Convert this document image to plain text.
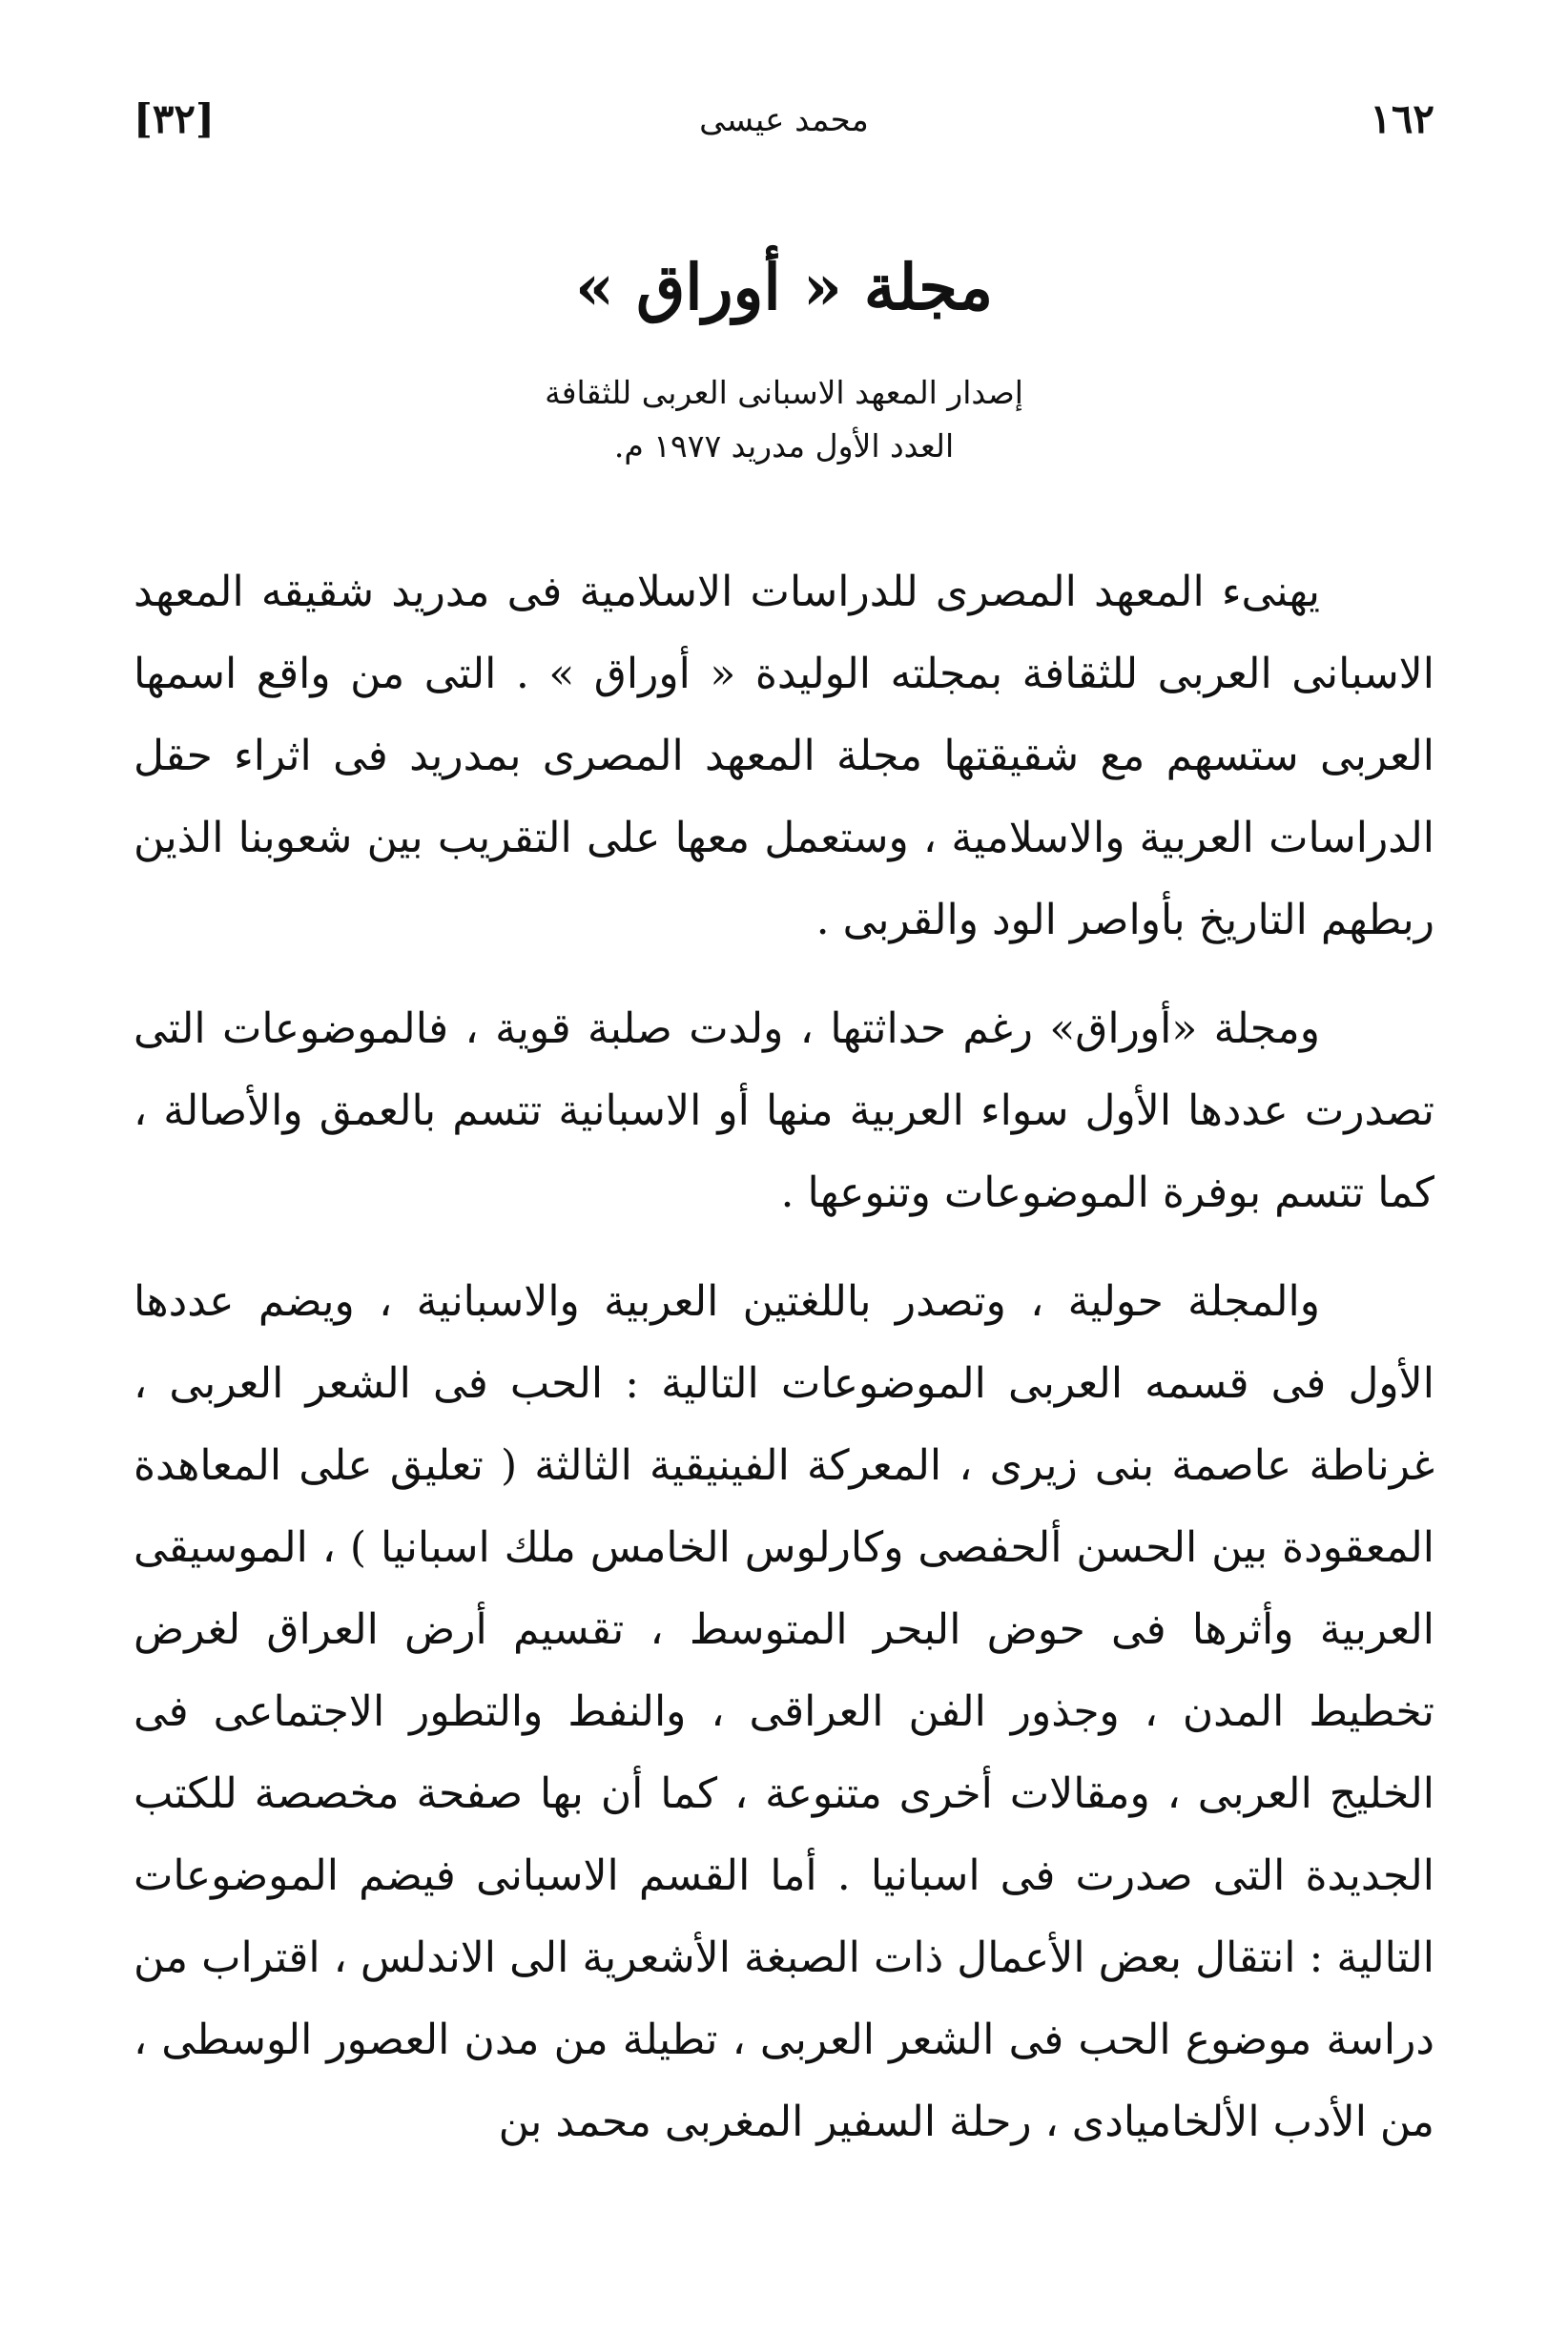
[٣٢]	محمد عيسى	١٦٢
مجلة « أوراق »

إصدار المعهد الاسبانى العربى للثقافة

العدد الأول مدريد ١٩٧٧ م.

يهنىء المعهد المصرى للدراسات الاسلامية فى مدريد شقيقه المعهد الاسبانى العربى للثقافة بمجلته الوليدة « أوراق » . التى من واقع اسمها العربى ستسهم مع شقيقتها مجلة المعهد المصرى بمدريد فى اثراء حقل الدراسات العربية والاسلامية ، وستعمل معها على التقريب بين شعوبنا الذين ربطهم التاريخ بأواصر الود والقربى .

ومجلة «أوراق» رغم حداثتها ، ولدت صلبة قوية ، فالموضوعات التى تصدرت عددها الأول سواء العربية منها أو الاسبانية تتسم بالعمق والأصالة ، كما تتسم بوفرة الموضوعات وتنوعها .

والمجلة حولية ، وتصدر باللغتين العربية والاسبانية ، ويضم عددها الأول فى قسمه العربى الموضوعات التالية : الحب فى الشعر العربى ، غرناطة عاصمة بنى زيرى ، المعركة الفينيقية الثالثة ( تعليق على المعاهدة المعقودة بين الحسن ألحفصى وكارلوس الخامس ملك اسبانيا ) ، الموسيقى العربية وأثرها فى حوض البحر المتوسط ، تقسيم أرض العراق لغرض تخطيط المدن ، وجذور الفن العراقى ، والنفط والتطور الاجتماعى فى الخليج العربى ، ومقالات أخرى متنوعة ، كما أن بها صفحة مخصصة للكتب الجديدة التى صدرت فى اسبانيا . أما القسم الاسبانى فيضم الموضوعات التالية : انتقال بعض الأعمال ذات الصبغة الأشعرية الى الاندلس ، اقتراب من دراسة موضوع الحب فى الشعر العربى ، تطيلة من مدن العصور الوسطى ، من الأدب الألخاميادى ، رحلة السفير المغربى محمد بن
